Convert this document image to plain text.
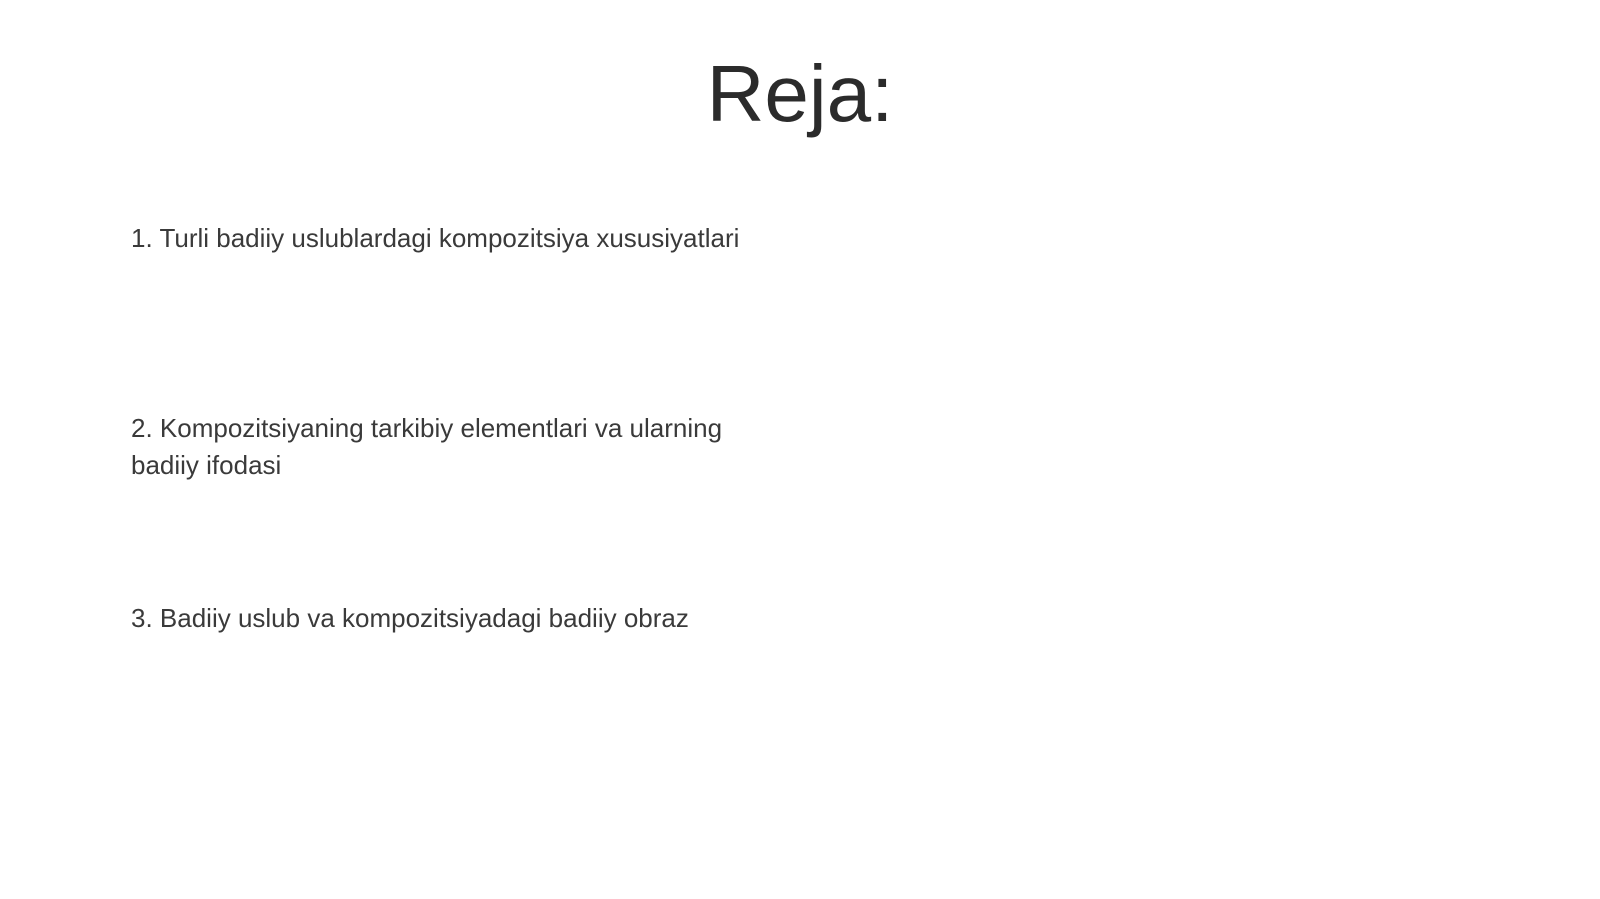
Reja:

1. Turli badiiy uslublardagi kompozitsiya xususiyatlari

2. Kompozitsiyaning tarkibiy elementlari va ularning badiiy ifodasi

3. Badiiy uslub va kompozitsiyadagi badiiy obraz
